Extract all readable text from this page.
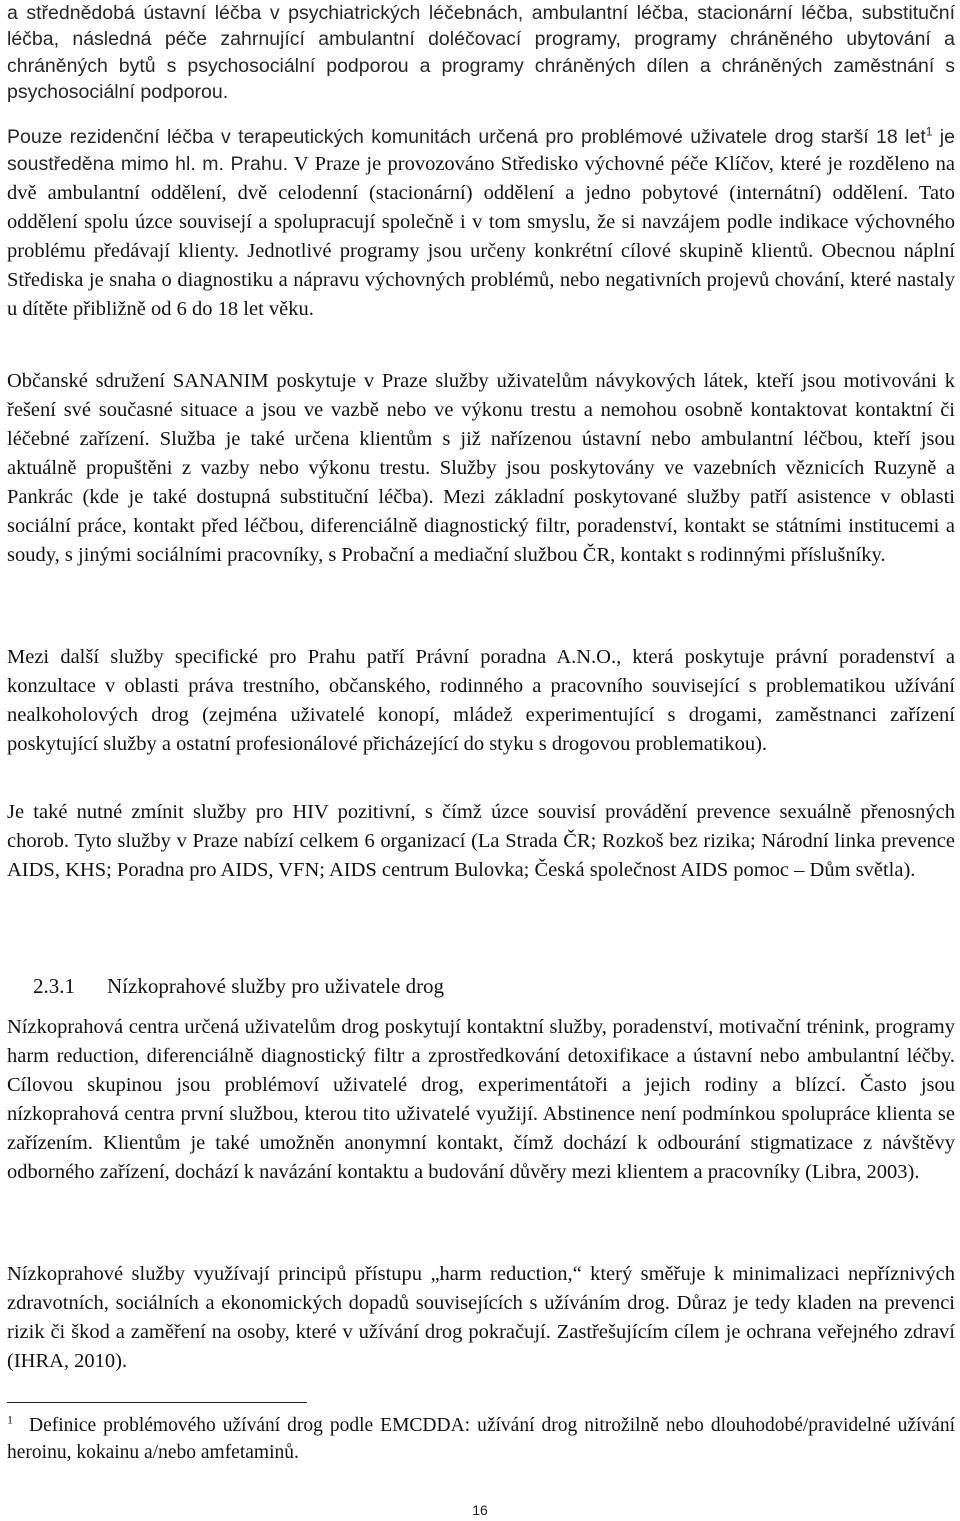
a střednědobá ústavní léčba v psychiatrických léčebnách, ambulantní léčba, stacionární léčba, substituční léčba, následná péče zahrnující ambulantní doléčovací programy, programy chráněného ubytování a chráněných bytů s psychosociální podporou a programy chráněných dílen a chráněných zaměstnání s psychosociální podporou.

Pouze rezidenční léčba v terapeutických komunitách určená pro problémové uživatele drog starší 18 let$^1$ je soustředěna mimo hl. m. Prahu. V Praze je provozováno Středisko výchovné péče Klíčov, které je rozděleno na dvě ambulantní oddělení, dvě celodenní (stacionární) oddělení a jedno pobytové (internátní) oddělení. Tato oddělení spolu úzce souvisejí a spolupracují společně i v tom smyslu, že si navzájem podle indikace výchovného problému předávají klienty. Jednotlivé programy jsou určeny konkrétní cílové skupině klientů. Obecnou náplní Střediska je snaha o diagnostiku a nápravu výchovných problémů, nebo negativních projevů chování, které nastaly u dítěte přibližně od 6 do 18 let věku.

Občanské sdružení SANANIM poskytuje v Praze služby uživatelům návykových látek, kteří jsou motivováni k řešení své současné situace a jsou ve vazbě nebo ve výkonu trestu a nemohou osobně kontaktovat kontaktní či léčebné zařízení. Služba je také určena klientům s již nařízenou ústavní nebo ambulantní léčbou, kteří jsou aktuálně propuštěni z vazby nebo výkonu trestu. Služby jsou poskytovány ve vazebních věznicích Ruzyně a Pankrác (kde je také dostupná substituční léčba). Mezi základní poskytované služby patří asistence v oblasti sociální práce, kontakt před léčbou, diferenciálně diagnostický filtr, poradenství, kontakt se státními institucemi a soudy, s jinými sociálními pracovníky, s Probační a mediační službou ČR, kontakt s rodinnými příslušníky.

Mezi další služby specifické pro Prahu patří Právní poradna A.N.O., která poskytuje právní poradenství a konzultace v oblasti práva trestního, občanského, rodinného a pracovního související s problematikou užívání nealkoholových drog (zejména uživatelé konopí, mládež experimentující s drogami, zaměstnanci zařízení poskytující služby a ostatní profesionálové přicházející do styku s drogovou problematikou).

Je také nutné zmínit služby pro HIV pozitivní, s čímž úzce souvisí provádění prevence sexuálně přenosných chorob. Tyto služby v Praze nabízí celkem 6 organizací (La Strada ČR; Rozkoš bez rizika; Národní linka prevence AIDS, KHS; Poradna pro AIDS, VFN; AIDS centrum Bulovka; Česká společnost AIDS pomoc – Dům světla).

2.3.1 Nízkoprahové služby pro uživatele drog

Nízkoprahová centra určená uživatelům drog poskytují kontaktní služby, poradenství, motivační trénink, programy harm reduction, diferenciálně diagnostický filtr a zprostředkování detoxifikace a ústavní nebo ambulantní léčby. Cílovou skupinou jsou problémoví uživatelé drog, experimentátoři a jejich rodiny a blízcí. Často jsou nízkoprahová centra první službou, kterou tito uživatelé využijí. Abstinence není podmínkou spolupráce klienta se zařízením. Klientům je také umožněn anonymní kontakt, čímž dochází k odbourání stigmatizace z návštěvy odborného zařízení, dochází k navázání kontaktu a budování důvěry mezi klientem a pracovníky (Libra, 2003).

Nízkoprahové služby využívají principů přístupu „harm reduction,“ který směřuje k minimalizaci nepříznivých zdravotních, sociálních a ekonomických dopadů souvisejících s užíváním drog. Důraz je tedy kladen na prevenci rizik či škod a zaměření na osoby, které v užívání drog pokračují. Zastřešujícím cílem je ochrana veřejného zdraví (IHRA, 2010).

$^1$ Definice problémového užívání drog podle EMCDDA: užívání drog nitrožilně nebo dlouhodobé/pravidelné užívání heroinu, kokainu a/nebo amfetaminů.

16
